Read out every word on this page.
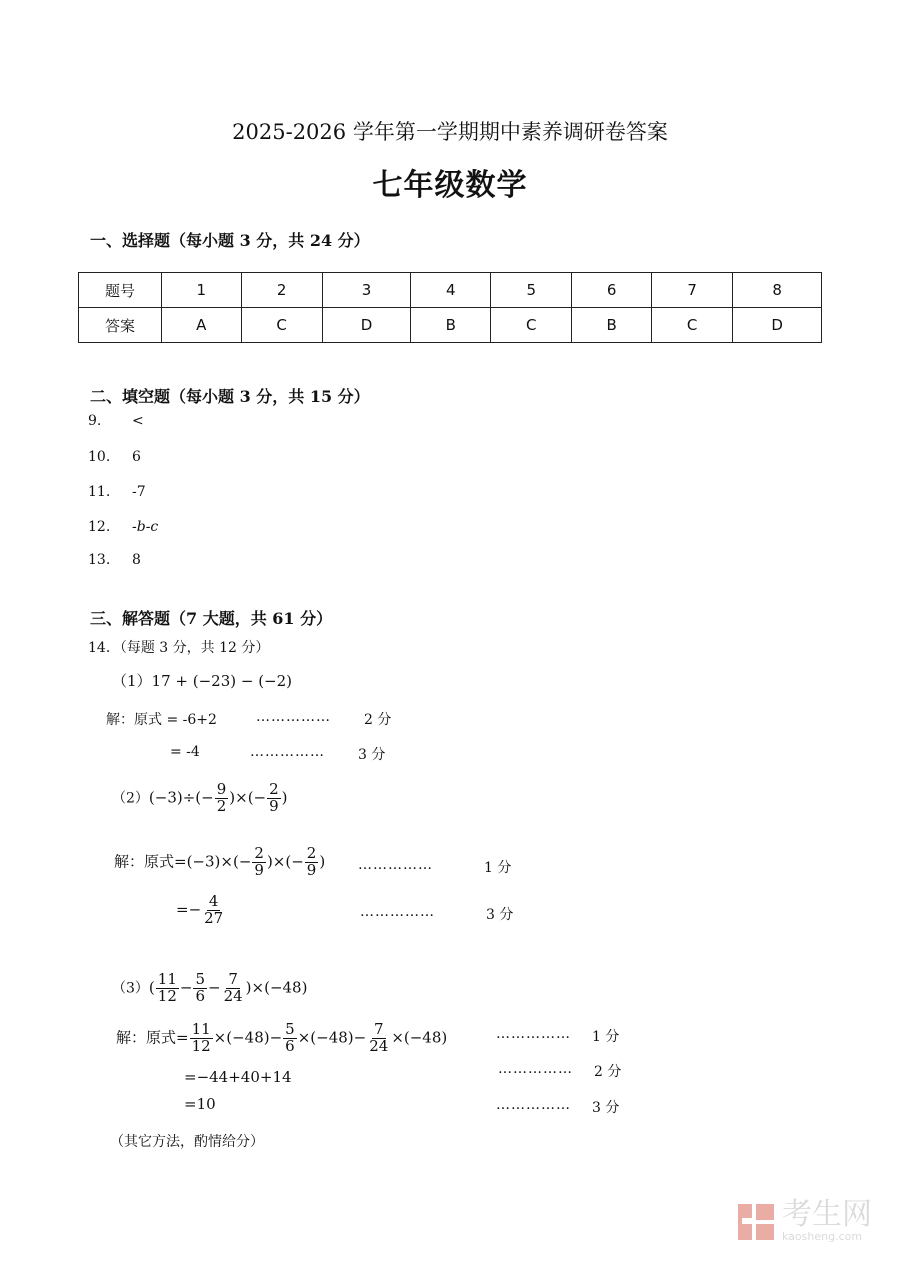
2025-2026 学年第一学期期中素养调研卷答案
七年级数学
一、选择题（每小题 3 分，共 24 分）
题号	1	2	3	4	5	6	7	8
答案	A	C	D	B	C	B	C	D
二、填空题（每小题 3 分，共 15 分）
9. <
10. 6
11. -7
12. -b-c
13. 8
三、解答题（7 大题，共 61 分）
14．（每题 3 分，共 12 分）
（1）17 + (−23) − (−2)
解：原式 = -6+2	…………… 2 分
= -4	…………… 3 分
$(2)(-3)\div(- \frac{9}{2}$ )×(− $\frac{2}{9}$ )
解：原式$=(-3)\times(- \frac{2}{9}$ )×(− $\frac{2}{9}$ ) ……………	1 分
=− $\frac{4}{27}$	……………	3 分
$(3)( \frac{11}{12} - \frac{5}{6} - \frac{7}{24} )\times(-48)$
解：原式= $\frac{11}{12} \times(-48)- \frac{5}{6} \times(-48)- \frac{7}{24} \times(-48)$	…………… 1 分
=−44+40+14	…………… 2 分
=10	…………… 3 分
（其它方法，酌情给分）
考生网
kaosheng.com
